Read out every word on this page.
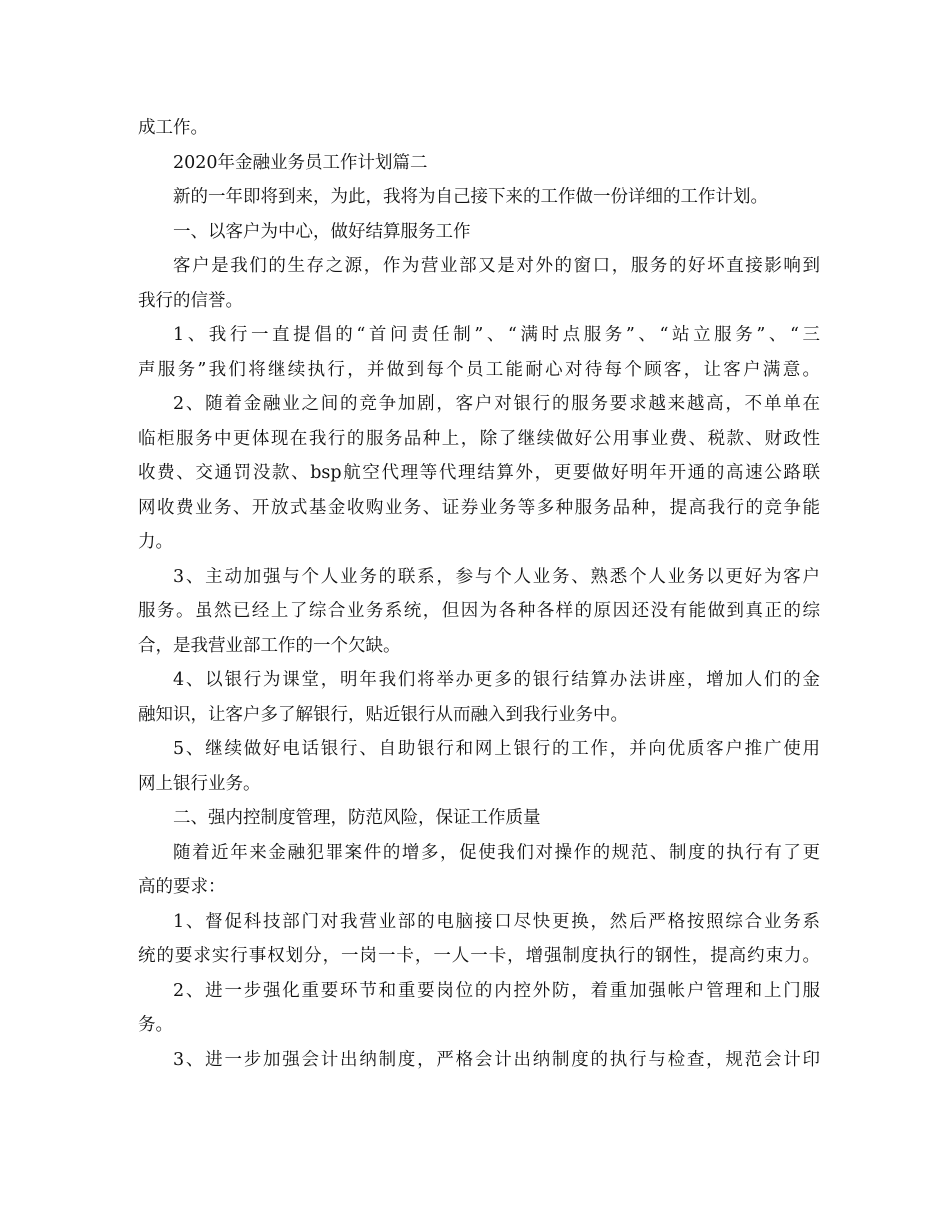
成工作。
2020年金融业务员工作计划篇二
新的一年即将到来，为此，我将为自己接下来的工作做一份详细的工作计划。
一、以客户为中心，做好结算服务工作
客户是我们的生存之源，作为营业部又是对外的窗口，服务的好坏直接影响到
我行的信誉。
1、我行一直提倡的“首问责任制”、“满时点服务”、“站立服务”、“三
声服务”我们将继续执行，并做到每个员工能耐心对待每个顾客，让客户满意。
2、随着金融业之间的竞争加剧，客户对银行的服务要求越来越高，不单单在
临柜服务中更体现在我行的服务品种上，除了继续做好公用事业费、税款、财政性
收费、交通罚没款、bsp航空代理等代理结算外，更要做好明年开通的高速公路联
网收费业务、开放式基金收购业务、证券业务等多种服务品种，提高我行的竞争能
力。
3、主动加强与个人业务的联系，参与个人业务、熟悉个人业务以更好为客户
服务。虽然已经上了综合业务系统，但因为各种各样的原因还没有能做到真正的综
合，是我营业部工作的一个欠缺。
4、以银行为课堂，明年我们将举办更多的银行结算办法讲座，增加人们的金
融知识，让客户多了解银行，贴近银行从而融入到我行业务中。
5、继续做好电话银行、自助银行和网上银行的工作，并向优质客户推广使用
网上银行业务。
二、强内控制度管理，防范风险，保证工作质量
随着近年来金融犯罪案件的增多，促使我们对操作的规范、制度的执行有了更
高的要求：
1、督促科技部门对我营业部的电脑接口尽快更换，然后严格按照综合业务系
统的要求实行事权划分，一岗一卡，一人一卡，增强制度执行的钢性，提高约束力。
2、进一步强化重要环节和重要岗位的内控外防，着重加强帐户管理和上门服
务。
3、进一步加强会计出纳制度，严格会计出纳制度的执行与检查，规范会计印
